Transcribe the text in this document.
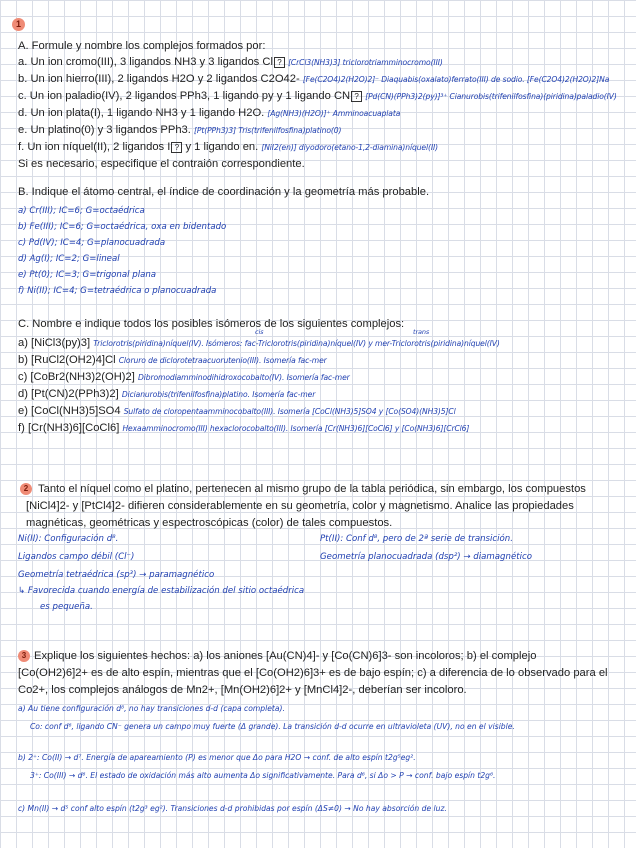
1
A. Formule y nombre los complejos formados por:
a. Un ion cromo(III), 3 ligandos NH3 y 3 ligandos Cl ? [CrCl3(NH3)3] triclorotriamminocromo(III)
b. Un ion hierro(III), 2 ligandos H2O y 2 ligandos C2O42- [Fe(C2O4)2(H2O)2]⁻ Diaquabis(oxalato)ferrato(III) de sodio. [Fe(C2O4)2(H2O)2]Na
c. Un ion paladio(IV), 2 ligandos PPh3, 1 ligando py y 1 ligando CN ? [Pd(CN)(PPh3)2(py)]³⁺ Cianurobis(trifenilfosfina)(piridina)paladio(IV)
d. Un ion plata(I), 1 ligando NH3 y 1 ligando H2O. [Ag(NH3)(H2O)]⁺ Amminoacuaplata
e. Un platino(0) y 3 ligandos PPh3. [Pt(PPh3)3] Tris(trifenilfosfina)platino(0)
f. Un ion níquel(II), 2 ligandos I ? y 1 ligando en. [NiI2(en)] diyodoro(etano-1,2-diamina)níquel(II)
Si es necesario, especifique el contraión correspondiente.
B. Indique el átomo central, el índice de coordinación y la geometría más probable.
a) Cr(III); IC=6; G=octaédrica
b) Fe(III); IC=6; G=octaédrica, oxa en bidentado
c) Pd(IV); IC=4; G=planocuadrada
d) Ag(I); IC=2; G=lineal
e) Pt(0); IC=3; G=trigonal plana
f) Ni(II); IC=4; G=tetraédrica o planocuadrada
C. Nombre e indique todos los posibles isómeros de los siguientes complejos:
cis	trans
a) [NiCl3(py)3] Triclorotris(piridina)níquel(IV). Isómeros: fac-Triclorotris(piridina)níquel(IV) y mer-Triclorotris(piridina)níquel(IV)
b) [RuCl2(OH2)4]Cl Cloruro de diclorotetraacuorutenio(III). Isomería fac-mer
c) [CoBr2(NH3)2(OH)2] Dibromodiamminodihidroxocobalto(IV). Isomería fac-mer
d) [Pt(CN)2(PPh3)2] Dicianurobis(trifenilfosfina)platino. Isomería fac-mer
e) [CoCl(NH3)5]SO4 Sulfato de cloropentaamminocobalto(III). Isomería [CoCl(NH3)5]SO4 y [Co(SO4)(NH3)5]Cl
f) [Cr(NH3)6][CoCl6] Hexaamminocromo(III) hexaclorocobalto(III). Isomería [Cr(NH3)6][CoCl6] y [Co(NH3)6][CrCl6]
2 Tanto el níquel como el platino, pertenecen al mismo grupo de la tabla periódica, sin embargo, los compuestos
[NiCl4]2- y [PtCl4]2- difieren considerablemente en su geometría, color y magnetismo. Analice las propiedades
magnéticas, geométricas y espectroscópicas (color) de tales compuestos.
Ni(II): Configuración d⁸.
Ligandos campo débil (Cl⁻)
Geometría tetraédrica (sp³) → paramagnético
↳ Favorecida cuando energía de estabilización del sitio octaédrica
es pequeña.
Pt(II): Conf d⁸, pero de 2ª serie de transición.
Geometría planocuadrada (dsp²) → diamagnético
3 Explique los siguientes hechos: a) los aniones [Au(CN)4]- y [Co(CN)6]3- son incoloros; b) el complejo
[Co(OH2)6]2+ es de alto espín, mientras que el [Co(OH2)6]3+ es de bajo espín; c) a diferencia de lo observado para el
Co2+, los complejos análogos de Mn2+, [Mn(OH2)6]2+ y [MnCl4]2-, deberían ser incoloro.
a) Au tiene configuración d⁸, no hay transiciones d-d (capa completa).
Co: conf d⁶, ligando CN⁻ genera un campo muy fuerte (Δ grande). La transición d-d ocurre en ultravioleta (UV), no en el visible.
b) 2⁺: Co(II) → d⁷. Energía de apareamiento (P) es menor que Δo para H2O → conf. de alto espín t2g⁵eg².
3⁺: Co(III) → d⁶. El estado de oxidación más alto aumenta Δo significativamente. Para d⁶, si Δo > P → conf. bajo espín t2g⁶.
c) Mn(II) → d⁵ conf alto espín (t2g³ eg²). Transiciones d-d prohibidas por espín (ΔS≠0) → No hay absorción de luz.
